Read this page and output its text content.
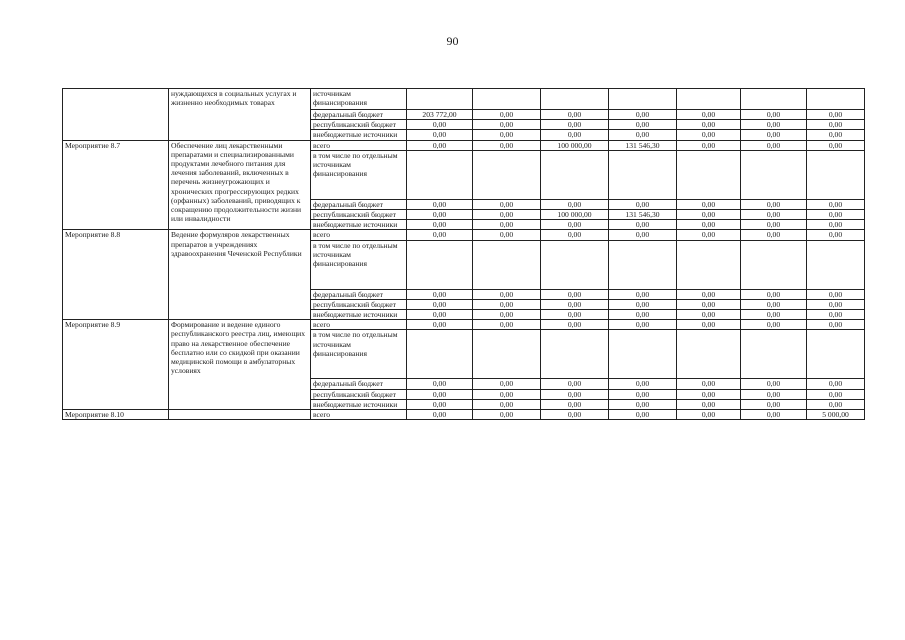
90
	нуждающихся в социальных услугах и жизненно необходимых товарах	источникам финансирования							
		федеральный бюджет	203 772,00	0,00	0,00	0,00	0,00	0,00	0,00
		республиканский бюджет	0,00	0,00	0,00	0,00	0,00	0,00	0,00
		внебюджетные источники	0,00	0,00	0,00	0,00	0,00	0,00	0,00
Мероприятие 8.7	Обеспечение лиц лекарственными препаратами и специализированными продуктами лечебного питания для лечения заболеваний, включенных в перечень жизнеугрожающих и хронических прогрессирующих редких (орфанных) заболеваний, приводящих к сокращению продолжительности жизни или инвалидности	всего	0,00	0,00	100 000,00	131 546,30	0,00	0,00	0,00
		в том числе по отдельным источникам финансирования							
		федеральный бюджет	0,00	0,00	0,00	0,00	0,00	0,00	0,00
		республиканский бюджет	0,00	0,00	100 000,00	131 546,30	0,00	0,00	0,00
		внебюджетные источники	0,00	0,00	0,00	0,00	0,00	0,00	0,00
Мероприятие 8.8	Ведение формуляров лекарственных препаратов в учреждениях здравоохранения Чеченской Республики	всего	0,00	0,00	0,00	0,00	0,00	0,00	0,00
		в том числе по отдельным источникам финансирования							
		федеральный бюджет	0,00	0,00	0,00	0,00	0,00	0,00	0,00
		республиканский бюджет	0,00	0,00	0,00	0,00	0,00	0,00	0,00
		внебюджетные источники	0,00	0,00	0,00	0,00	0,00	0,00	0,00
Мероприятие 8.9	Формирование и ведение единого республиканского реестра лиц, имеющих право на лекарственное обеспечение бесплатно или со скидкой при оказании медицинской помощи в амбулаторных условиях	всего	0,00	0,00	0,00	0,00	0,00	0,00	0,00
		в том числе по отдельным источникам финансирования							
		федеральный бюджет	0,00	0,00	0,00	0,00	0,00	0,00	0,00
		республиканский бюджет	0,00	0,00	0,00	0,00	0,00	0,00	0,00
		внебюджетные источники	0,00	0,00	0,00	0,00	0,00	0,00	0,00
Мероприятие 8.10		всего	0,00	0,00	0,00	0,00	0,00	0,00	5 000,00
